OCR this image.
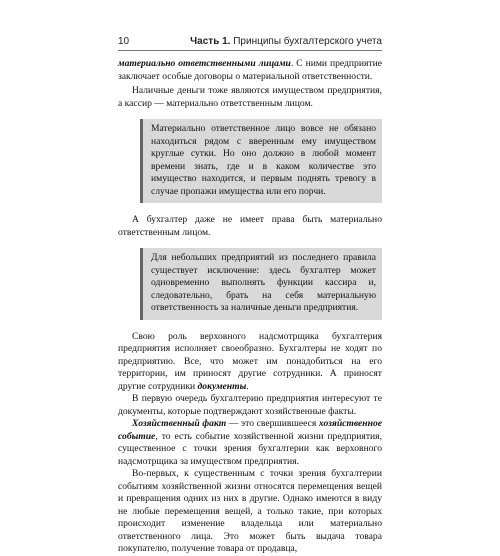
10	Часть 1. Принципы бухгалтерского учета

материально ответственными лицами. С ними предприятие заключает особые договоры о материальной ответственности.

Наличные деньги тоже являются имуществом предприятия, а кассир — материально ответственным лицом.

Материально ответственное лицо вовсе не обязано находиться рядом с вверенным ему имуществом круглые сутки. Но оно должно в любой момент времени знать, где и в каком количестве это имущество находится, и первым поднять тревогу в случае пропажи имущества или его порчи.

А бухгалтер даже не имеет права быть материально ответственным лицом.

Для небольших предприятий из последнего правила существует исключение: здесь бухгалтер может одновременно выполнять функции кассира и, следовательно, брать на себя материальную ответственность за наличные деньги предприятия.

Свою роль верховного надсмотрщика бухгалтерия предприятия исполняет своеобразно. Бухгалтеры не ходят по предприятию. Все, что может им понадобиться на его территории, им приносят другие сотрудники. А приносят другие сотрудники документы.

В первую очередь бухгалтерию предприятия интересуют те документы, которые подтверждают хозяйственные факты.

Хозяйственный факт — это свершившееся хозяйственное событие, то есть событие хозяйственной жизни предприятия, существенное с точки зрения бухгалтерии как верховного надсмотрщика за имуществом предприятия.

Во-первых, к существенным с точки зрения бухгалтерии событиям хозяйственной жизни относятся перемещения вещей и превращения одних из них в другие. Однако имеются в виду не любые перемещения вещей, а только такие, при которых происходит изменение владельца или материально ответственного лица. Это может быть выдача товара покупателю, получение товара от продавца,
